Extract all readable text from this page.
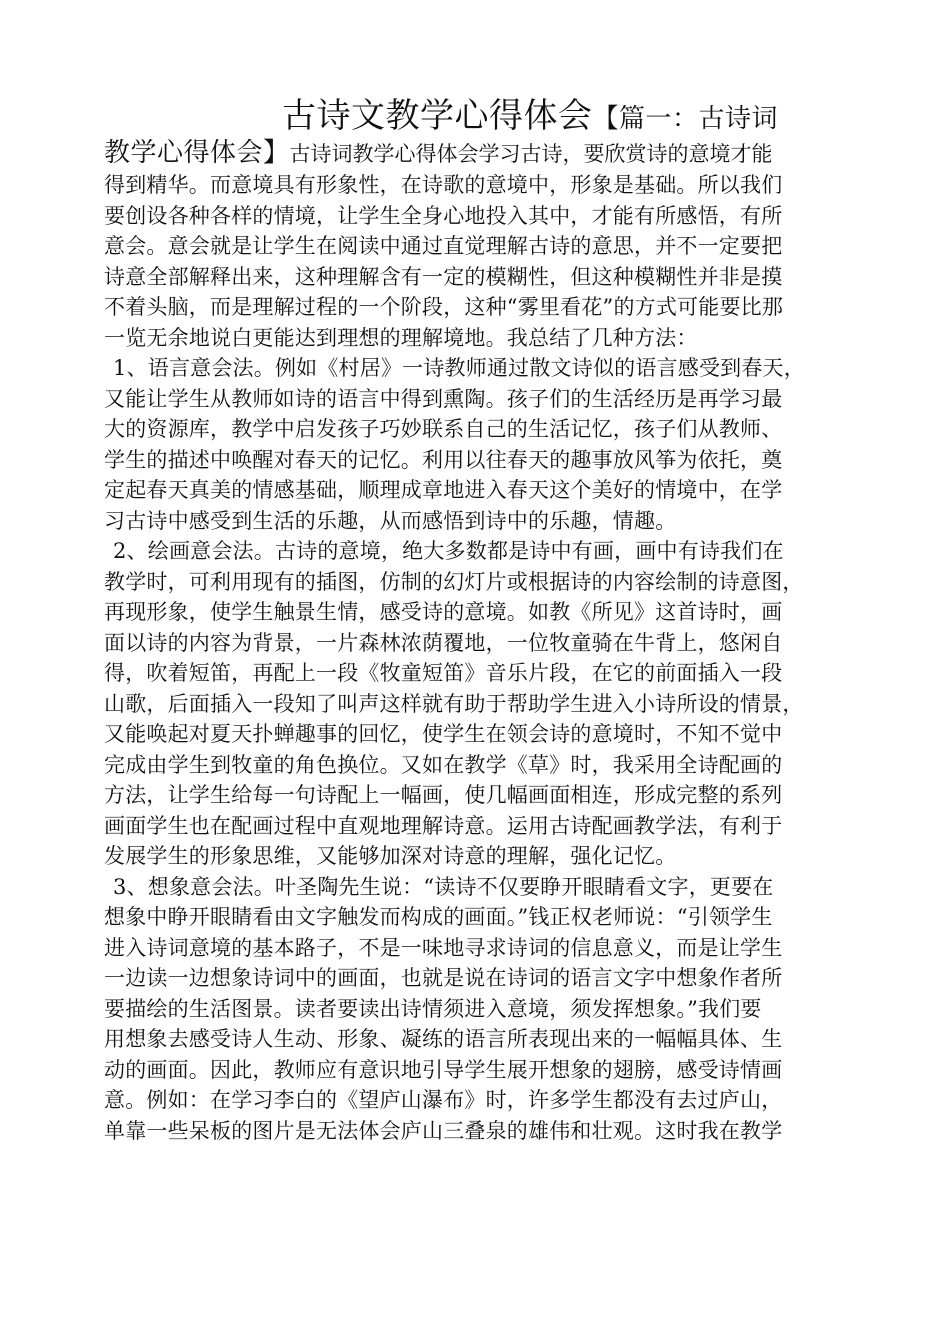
古诗文教学心得体会【篇一：古诗词
教学心得体会】古诗词教学心得体会学习古诗，要欣赏诗的意境才能
得到精华。而意境具有形象性，在诗歌的意境中，形象是基础。所以我们
要创设各种各样的情境，让学生全身心地投入其中，才能有所感悟，有所
意会。意会就是让学生在阅读中通过直觉理解古诗的意思，并不一定要把
诗意全部解释出来，这种理解含有一定的模糊性，但这种模糊性并非是摸
不着头脑，而是理解过程的一个阶段，这种“雾里看花”的方式可能要比那
一览无余地说白更能达到理想的理解境地。我总结了几种方法：
1、语言意会法。例如《村居》一诗教师通过散文诗似的语言感受到春天，
又能让学生从教师如诗的语言中得到熏陶。孩子们的生活经历是再学习最
大的资源库，教学中启发孩子巧妙联系自己的生活记忆，孩子们从教师、
学生的描述中唤醒对春天的记忆。利用以往春天的趣事放风筝为依托，奠
定起春天真美的情感基础，顺理成章地进入春天这个美好的情境中，在学
习古诗中感受到生活的乐趣，从而感悟到诗中的乐趣，情趣。
2、绘画意会法。古诗的意境，绝大多数都是诗中有画，画中有诗我们在
教学时，可利用现有的插图，仿制的幻灯片或根据诗的内容绘制的诗意图，
再现形象，使学生触景生情，感受诗的意境。如教《所见》这首诗时，画
面以诗的内容为背景，一片森林浓荫覆地，一位牧童骑在牛背上，悠闲自
得，吹着短笛，再配上一段《牧童短笛》音乐片段，在它的前面插入一段
山歌，后面插入一段知了叫声这样就有助于帮助学生进入小诗所设的情景，
又能唤起对夏天扑蝉趣事的回忆，使学生在领会诗的意境时，不知不觉中
完成由学生到牧童的角色换位。又如在教学《草》时，我采用全诗配画的
方法，让学生给每一句诗配上一幅画，使几幅画面相连，形成完整的系列
画面学生也在配画过程中直观地理解诗意。运用古诗配画教学法，有利于
发展学生的形象思维，又能够加深对诗意的理解，强化记忆。
3、想象意会法。叶圣陶先生说：“读诗不仅要睁开眼睛看文字，更要在
想象中睁开眼睛看由文字触发而构成的画面。”钱正权老师说：“引领学生
进入诗词意境的基本路子，不是一味地寻求诗词的信息意义，而是让学生
一边读一边想象诗词中的画面，也就是说在诗词的语言文字中想象作者所
要描绘的生活图景。读者要读出诗情须进入意境，须发挥想象。”我们要
用想象去感受诗人生动、形象、凝练的语言所表现出来的一幅幅具体、生
动的画面。因此，教师应有意识地引导学生展开想象的翅膀，感受诗情画
意。例如：在学习李白的《望庐山瀑布》时，许多学生都没有去过庐山，
单靠一些呆板的图片是无法体会庐山三叠泉的雄伟和壮观。这时我在教学
